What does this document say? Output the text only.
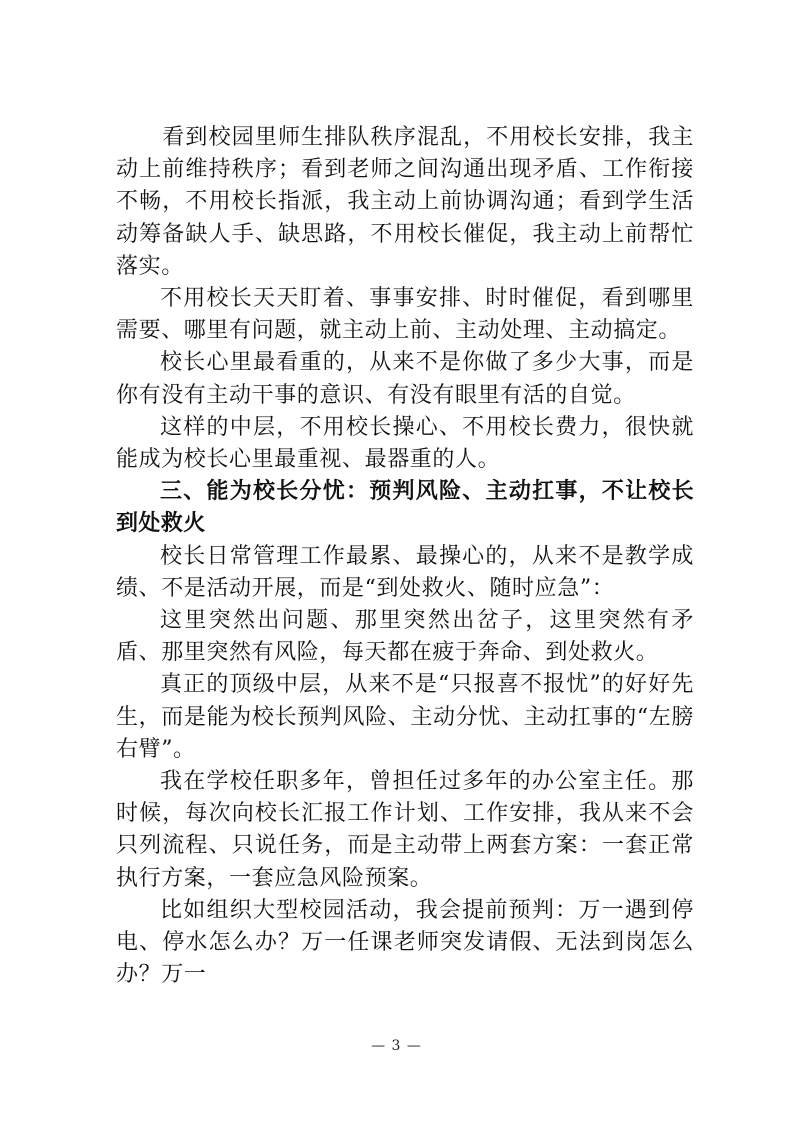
　　看到校园里师生排队秩序混乱，不用校长安排，我主动上前维持秩序；看到老师之间沟通出现矛盾、工作衔接不畅，不用校长指派，我主动上前协调沟通；看到学生活动筹备缺人手、缺思路，不用校长催促，我主动上前帮忙落实。

不用校长天天盯着、事事安排、时时催促，看到哪里需要、哪里有问题，就主动上前、主动处理、主动搞定。

校长心里最看重的，从来不是你做了多少大事，而是你有没有主动干事的意识、有没有眼里有活的自觉。

这样的中层，不用校长操心、不用校长费力，很快就能成为校长心里最重视、最器重的人。

三、能为校长分忧：预判风险、主动扛事，不让校长到处救火

校长日常管理工作最累、最操心的，从来不是教学成绩、不是活动开展，而是“到处救火、随时应急”：

这里突然出问题、那里突然出岔子，这里突然有矛盾、那里突然有风险，每天都在疲于奔命、到处救火。

真正的顶级中层，从来不是“只报喜不报忧”的好好先生，而是能为校长预判风险、主动分忧、主动扛事的“左膀右臂”。

我在学校任职多年，曾担任过多年的办公室主任。那时候，每次向校长汇报工作计划、工作安排，我从来不会只列流程、只说任务，而是主动带上两套方案：一套正常执行方案，一套应急风险预案。

比如组织大型校园活动，我会提前预判：万一遇到停电、停水怎么办？万一任课老师突发请假、无法到岗怎么办？万一

— 3 —
